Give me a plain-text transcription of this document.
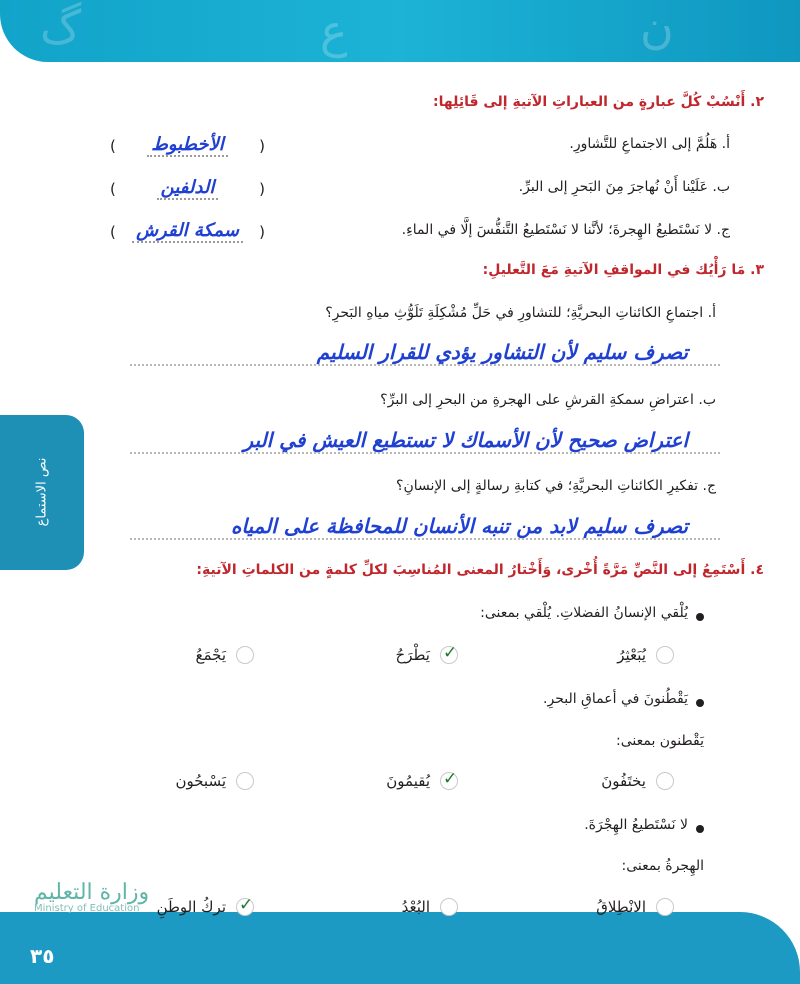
ﮒ	ﻉ	ﻥ
نص الاستماع
٢. أَنْسُبْ كُلَّ عبارةٍ من العباراتِ الآتيةِ إلى قَائِلِها:
أ. هَلُمَّ إلى الاجتماعِ للتَّشاورِ.
(
الأخطبوط
)
ب. عَلَيْنا أَنْ نُهاجرَ مِنَ البَحرِ إلى البرِّ.
(
الدلفين
)
ج. لا نَسْتَطيعُ الهِجرةَ؛ لأنَّنا لا نَسْتَطيعُ التَّنفُّسَ إلَّا في الماءِ.
(
سمكة القرش
)
٣. مَا رَأْيُك في المواقفِ الآتيةِ مَعَ التَّعليلِ:
أ. اجتماعِ الكائناتِ البحريَّةِ؛ للتشاورِ في حَلِّ مُشْكِلَةِ تَلَوُّثِ مياهِ البَحرِ؟
تصرف سليم لأن التشاور يؤدي للقرار السليم
ب. اعتراضِ سمكةِ القرشِ على الهجرةِ من البحرِ إلى البرِّ؟
اعتراض صحيح لأن الأسماك لا تستطيع العيش في البر
ج. تفكيرِ الكائناتِ البحريَّةِ؛ في كتابةِ رسالةٍ إلى الإنسانِ؟
تصرف سليم لابد من تنبه الأنسان للمحافظة على المياه
٤. أَسْتَمِعُ إلى النَّصِّ مَرَّةً أُخْرى، وَأَخْتارُ المعنى المُناسِبَ لكلِّ كلمةٍ من الكلماتِ الآتيةِ:
يُلْقي الإنسانُ الفضلاتِ. يُلْقي بمعنى:
يُبَعْثِرُ
✓
يَطْرَحُ
يَجْمَعُ
يَقْطُنونَ في أعماقِ البحرِ.
يَقْطنون بمعنى:
يختَفُونَ
✓
يُقيمُونَ
يَسْبحُون
لا نَسْتَطيعُ الهِجْرَةَ.
الهِجرةُ بمعنى:
الانْطِلاقُ
البُعْدُ
✓
تركُ الوطَنِ
وزارة التعليم
Ministry of Education
٣٥
